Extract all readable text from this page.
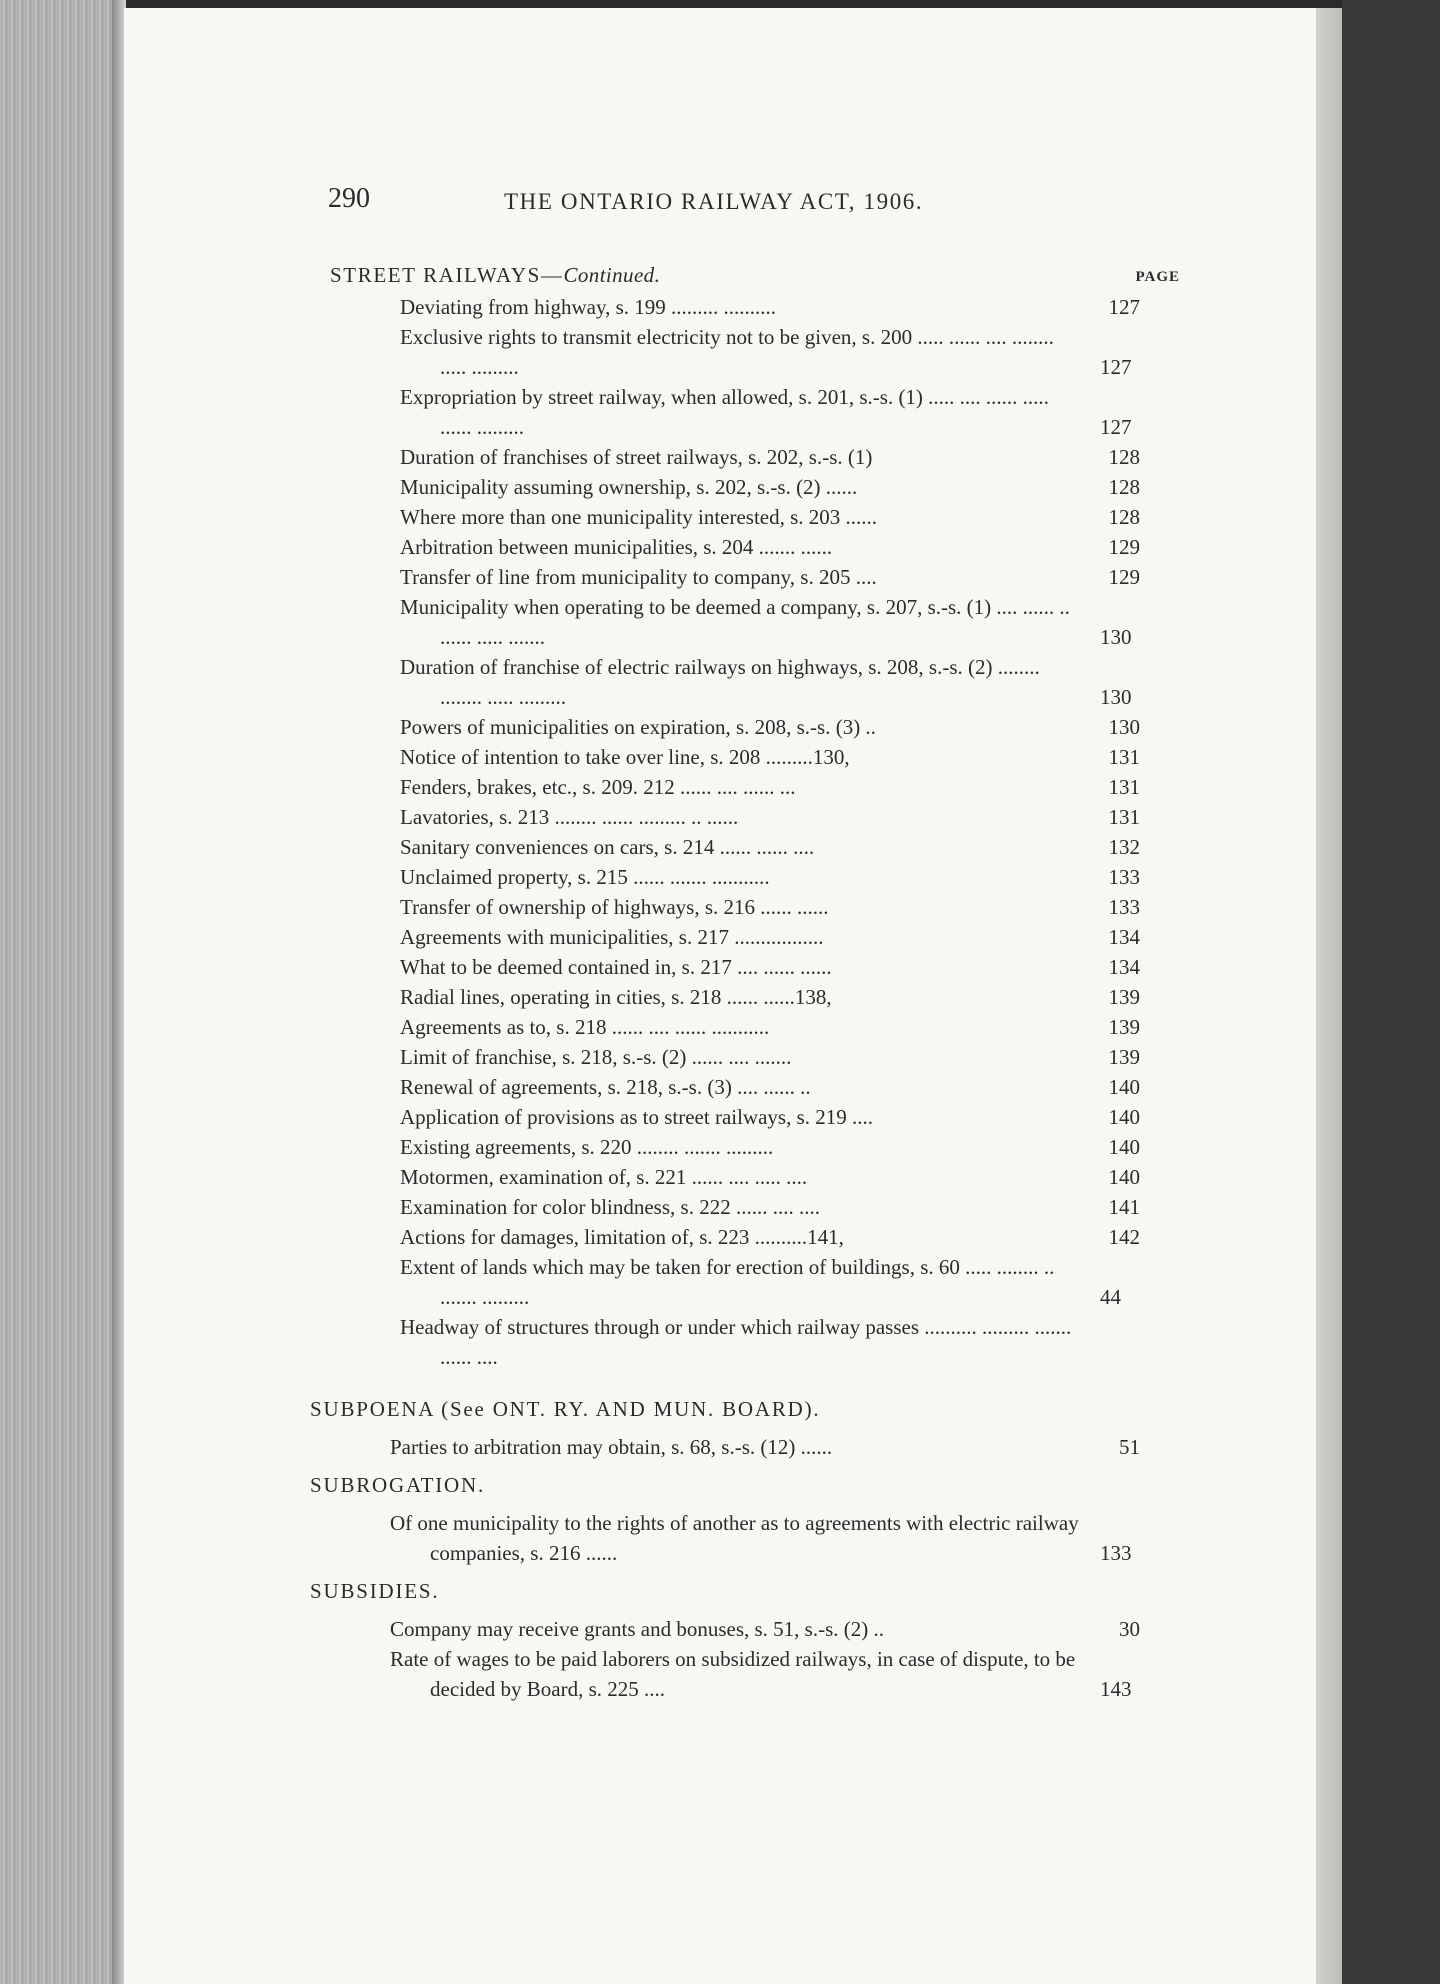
290	THE ONTARIO RAILWAY ACT, 1906.
STREET RAILWAYS—Continued.	PAGE
Deviating from highway, s. 199 ......... ..........	127
Exclusive rights to transmit electricity not to be given, s. 200 ..... ...... .... ........ ..... .........	127
Expropriation by street railway, when allowed, s. 201, s.-s. (1) ..... .... ...... ..... ...... .........	127
Duration of franchises of street railways, s. 202, s.-s. (1)	128
Municipality assuming ownership, s. 202, s.-s. (2) ......	128
Where more than one municipality interested, s. 203 ......	128
Arbitration between municipalities, s. 204 ....... ......	129
Transfer of line from municipality to company, s. 205 ....	129
Municipality when operating to be deemed a company, s. 207, s.-s. (1) .... ...... .. ...... ..... .......	130
Duration of franchise of electric railways on highways, s. 208, s.-s. (2) ........ ........ ..... .........	130
Powers of municipalities on expiration, s. 208, s.-s. (3) ..	130
Notice of intention to take over line, s. 208 .........130,	131
Fenders, brakes, etc., s. 209. 212 ...... .... ...... ...	131
Lavatories, s. 213 ........ ...... ......... .. ......	131
Sanitary conveniences on cars, s. 214 ...... ...... ....	132
Unclaimed property, s. 215 ...... ....... ...........	133
Transfer of ownership of highways, s. 216 ...... ......	133
Agreements with municipalities, s. 217 .................	134
What to be deemed contained in, s. 217 .... ...... ......	134
Radial lines, operating in cities, s. 218 ...... ......138,	139
Agreements as to, s. 218 ...... .... ...... ...........	139
Limit of franchise, s. 218, s.-s. (2) ...... .... .......	139
Renewal of agreements, s. 218, s.-s. (3) .... ...... ..	140
Application of provisions as to street railways, s. 219 ....	140
Existing agreements, s. 220 ........ ....... .........	140
Motormen, examination of, s. 221 ...... .... ..... ....	140
Examination for color blindness, s. 222 ...... .... ....	141
Actions for damages, limitation of, s. 223 ..........141,	142
Extent of lands which may be taken for erection of buildings, s. 60 ..... ........ .. ....... .........	44
Headway of structures through or under which railway passes .......... ......... ....... ...... ....
SUBPOENA (See ONT. RY. AND MUN. BOARD).
Parties to arbitration may obtain, s. 68, s.-s. (12) ......	51
SUBROGATION.
Of one municipality to the rights of another as to agreements with electric railway companies, s. 216 ......	133
SUBSIDIES.
Company may receive grants and bonuses, s. 51, s.-s. (2) ..	30
Rate of wages to be paid laborers on subsidized railways, in case of dispute, to be decided by Board, s. 225 ....	143
